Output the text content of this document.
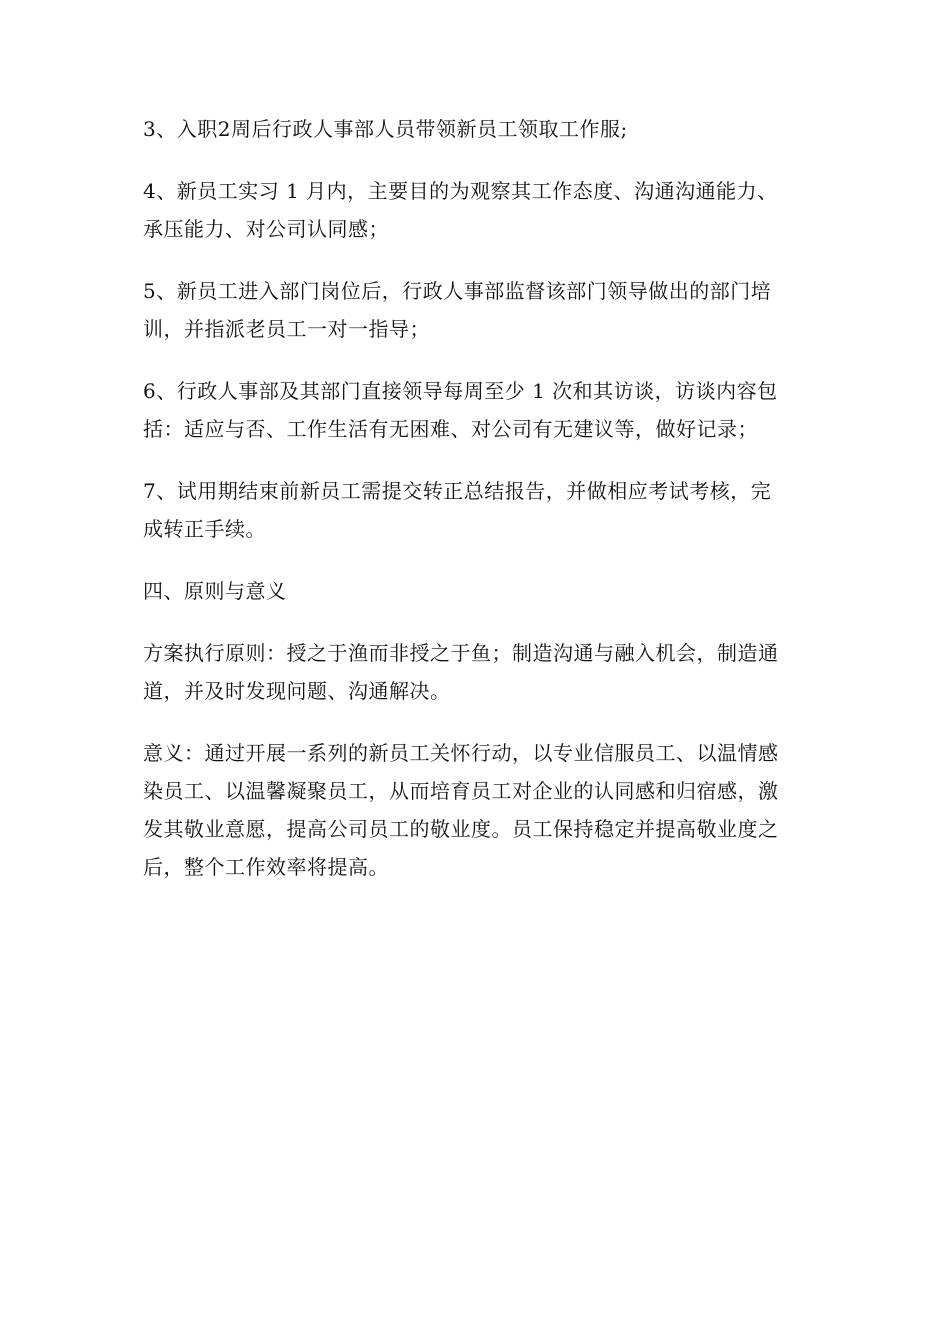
3、入职2周后行政人事部人员带领新员工领取工作服;

4、新员工实习 1 月内，主要目的为观察其工作态度、沟通沟通能力、
承压能力、对公司认同感；

5、新员工进入部门岗位后，行政人事部监督该部门领导做出的部门培
训，并指派老员工一对一指导；

6、行政人事部及其部门直接领导每周至少 1 次和其访谈，访谈内容包
括：适应与否、工作生活有无困难、对公司有无建议等，做好记录；

7、试用期结束前新员工需提交转正总结报告，并做相应考试考核，完
成转正手续。

四、原则与意义

方案执行原则：授之于渔而非授之于鱼；制造沟通与融入机会，制造通
道，并及时发现问题、沟通解决。

意义：通过开展一系列的新员工关怀行动，以专业信服员工、以温情感
染员工、以温馨凝聚员工，从而培育员工对企业的认同感和归宿感，激
发其敬业意愿，提高公司员工的敬业度。员工保持稳定并提高敬业度之
后，整个工作效率将提高。
